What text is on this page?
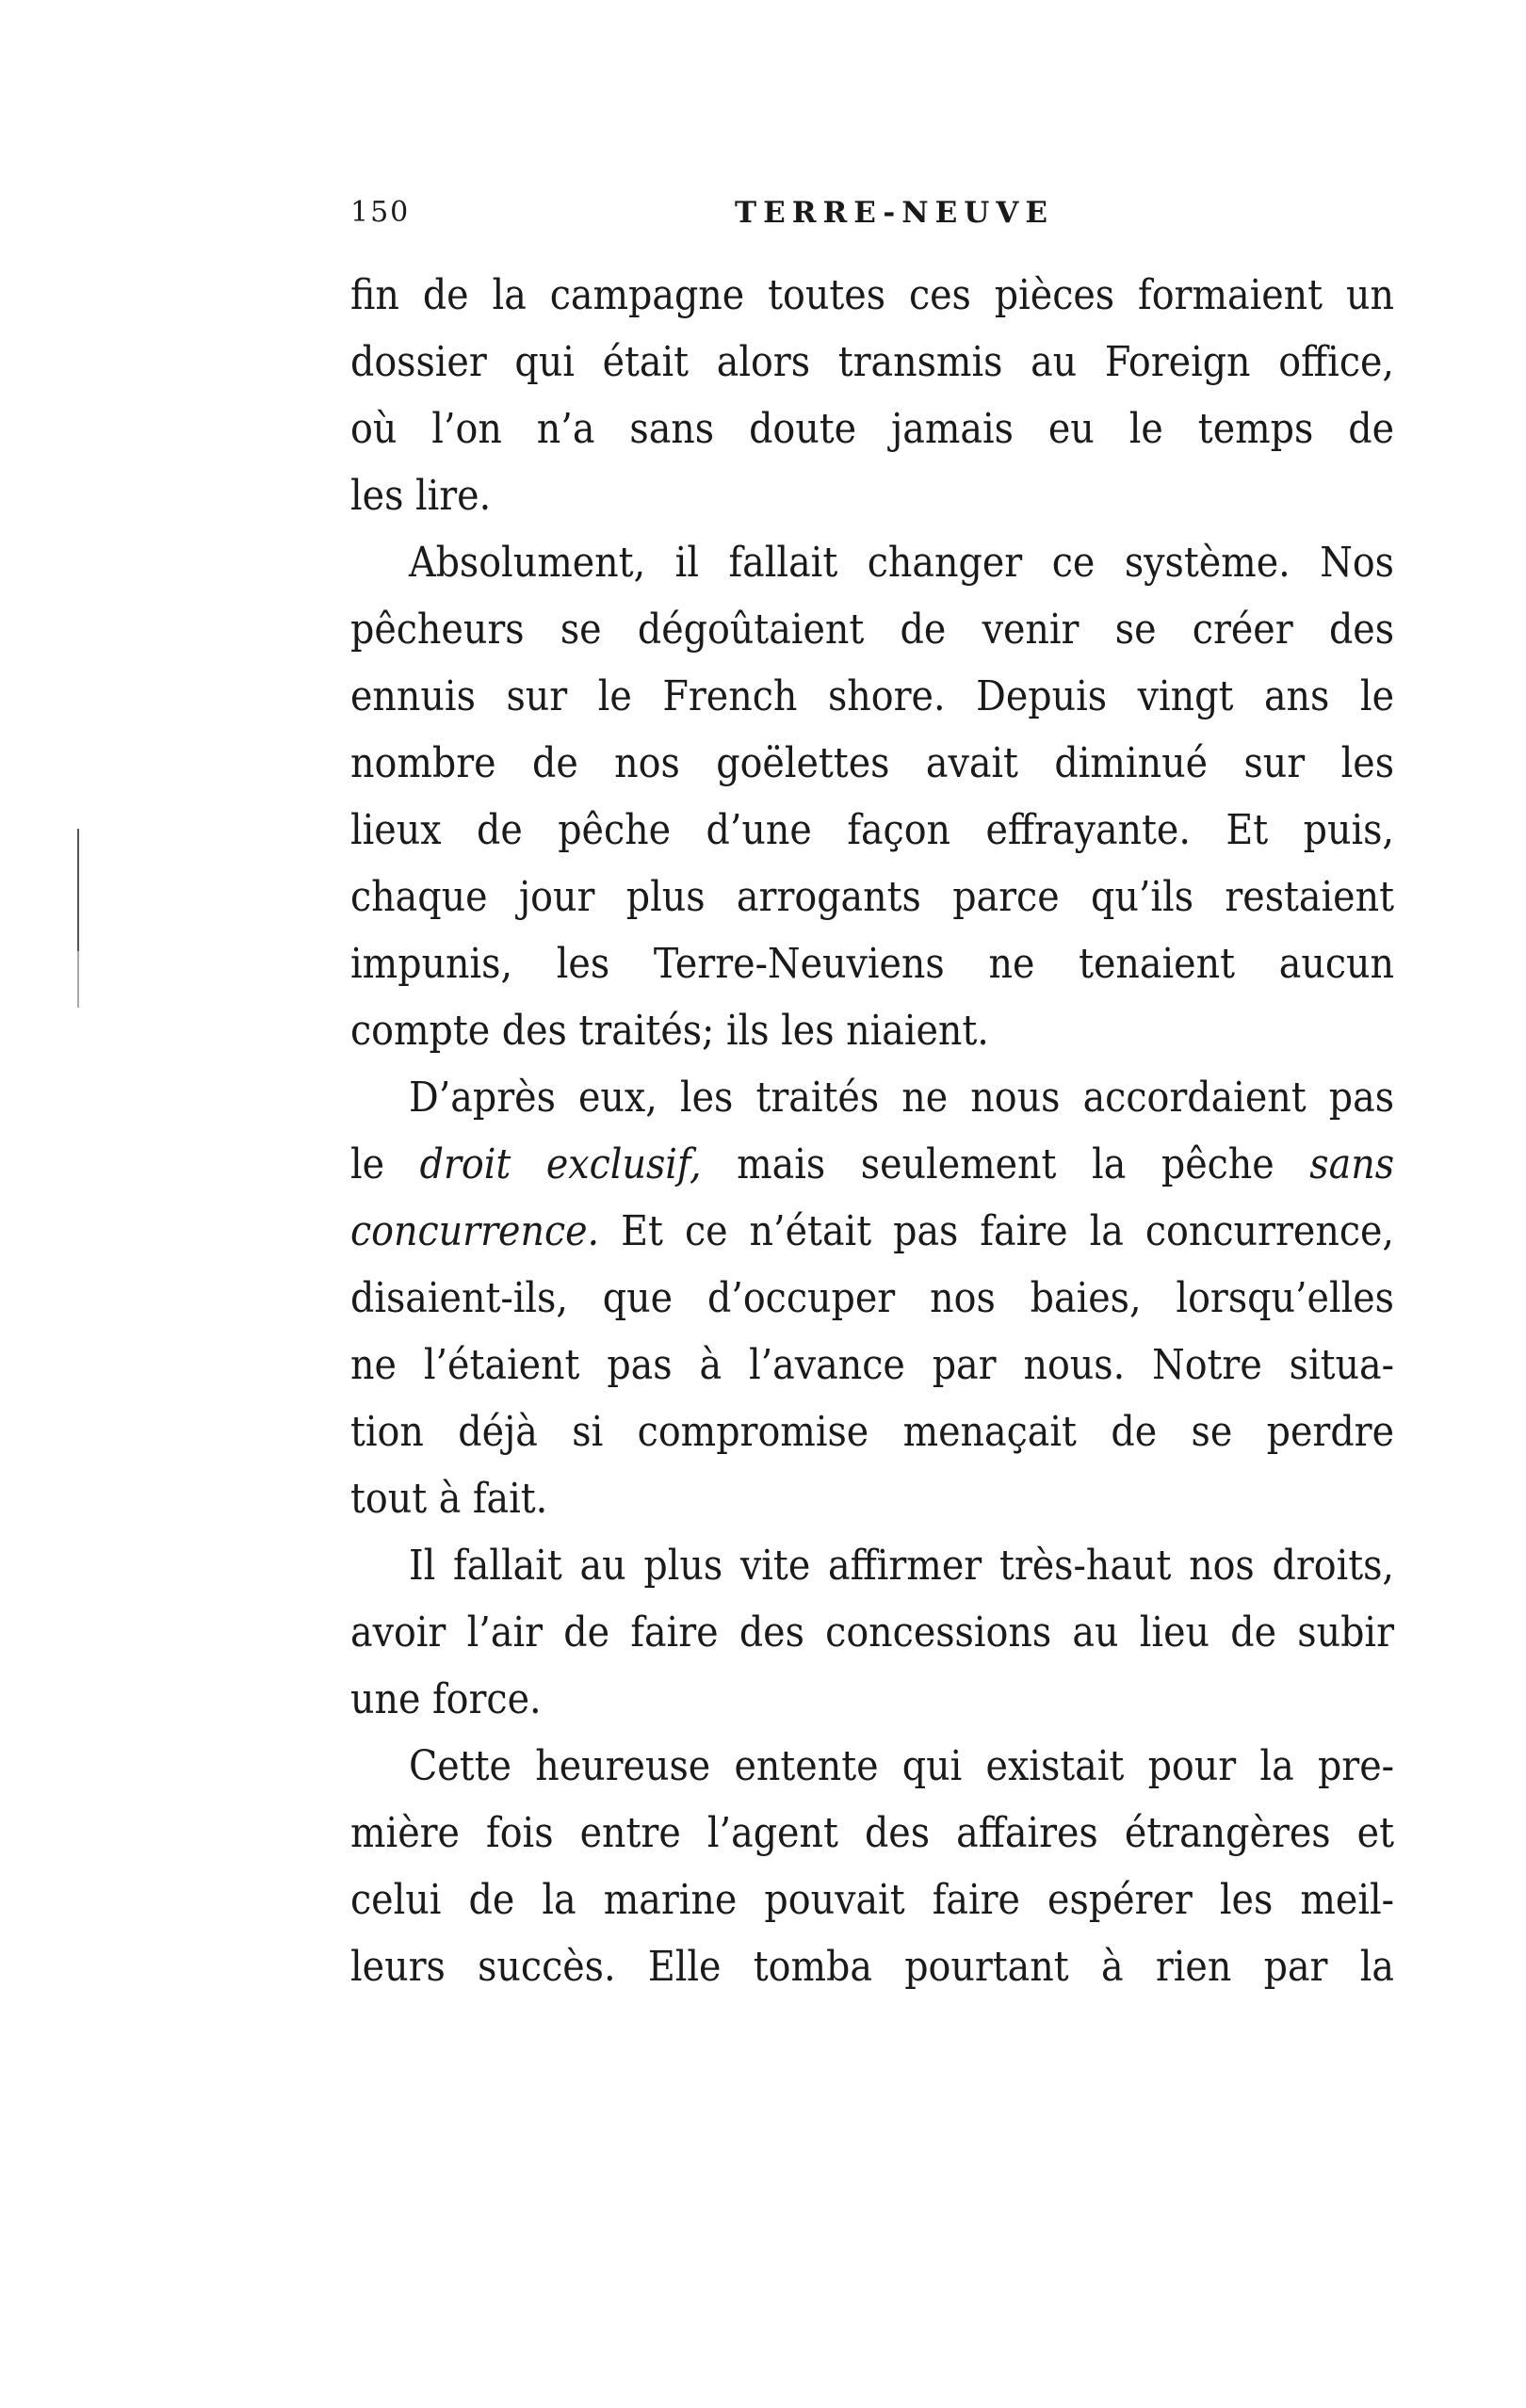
150	TERRE-NEUVE
fin de la campagne toutes ces pièces formaient un
dossier qui était alors transmis au Foreign office,
où l’on n’a sans doute jamais eu le temps de
les lire.
Absolument, il fallait changer ce système. Nos
pêcheurs se dégoûtaient de venir se créer des
ennuis sur le French shore. Depuis vingt ans le
nombre de nos goëlettes avait diminué sur les
lieux de pêche d’une façon effrayante. Et puis,
chaque jour plus arrogants parce qu’ils restaient
impunis, les Terre-Neuviens ne tenaient aucun
compte des traités; ils les niaient.
D’après eux, les traités ne nous accordaient pas
le droit exclusif, mais seulement la pêche sans
concurrence. Et ce n’était pas faire la concurrence,
disaient-ils, que d’occuper nos baies, lorsqu’elles
ne l’étaient pas à l’avance par nous. Notre situa-
tion déjà si compromise menaçait de se perdre
tout à fait.
Il fallait au plus vite affirmer très-haut nos droits,
avoir l’air de faire des concessions au lieu de subir
une force.
Cette heureuse entente qui existait pour la pre-
mière fois entre l’agent des affaires étrangères et
celui de la marine pouvait faire espérer les meil-
leurs succès. Elle tomba pourtant à rien par la
